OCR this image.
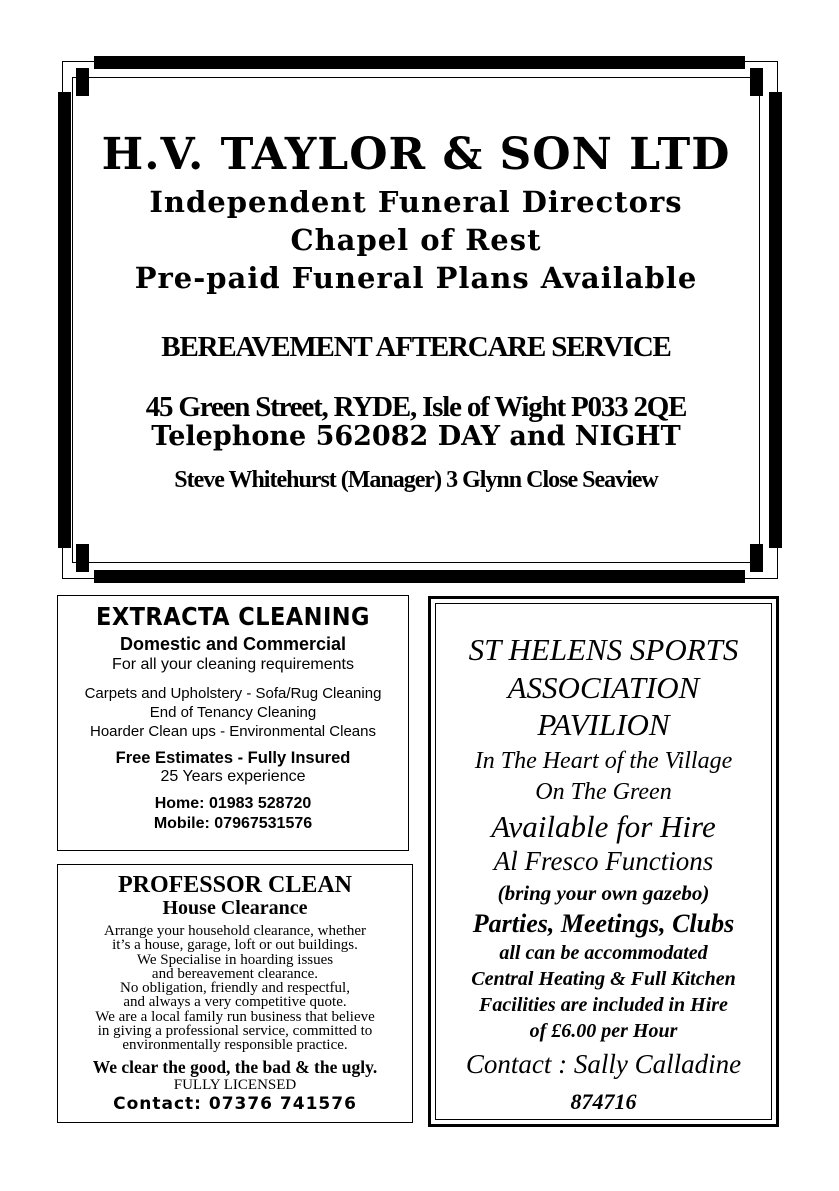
H.V. TAYLOR & SON LTD
Independent Funeral Directors
Chapel of Rest
Pre-paid Funeral Plans Available
BEREAVEMENT AFTERCARE SERVICE
45 Green Street, RYDE, Isle of Wight P033 2QE
Telephone 562082 DAY and NIGHT
Steve Whitehurst (Manager) 3 Glynn Close Seaview
EXTRACTA CLEANING
Domestic and Commercial
For all your cleaning requirements
Carpets and Upholstery - Sofa/Rug Cleaning
End of Tenancy Cleaning
Hoarder Clean ups - Environmental Cleans
Free Estimates - Fully Insured
25 Years experience
Home: 01983 528720
Mobile: 07967531576
PROFESSOR CLEAN
House Clearance
Arrange your household clearance, whether
it’s a house, garage, loft or out buildings.
We Specialise in hoarding issues
and bereavement clearance.
No obligation, friendly and respectful,
and always a very competitive quote.
We are a local family run business that believe
in giving a professional service, committed to
environmentally responsible practice.
We clear the good, the bad & the ugly.
FULLY LICENSED
Contact: 07376 741576
ST HELENS SPORTS
ASSOCIATION
PAVILION
In The Heart of the Village
On The Green
Available for Hire
Al Fresco Functions
(bring your own gazebo)
Parties, Meetings, Clubs
all can be accommodated
Central Heating & Full Kitchen
Facilities are included in Hire
of £6.00 per Hour
Contact : Sally Calladine
874716
